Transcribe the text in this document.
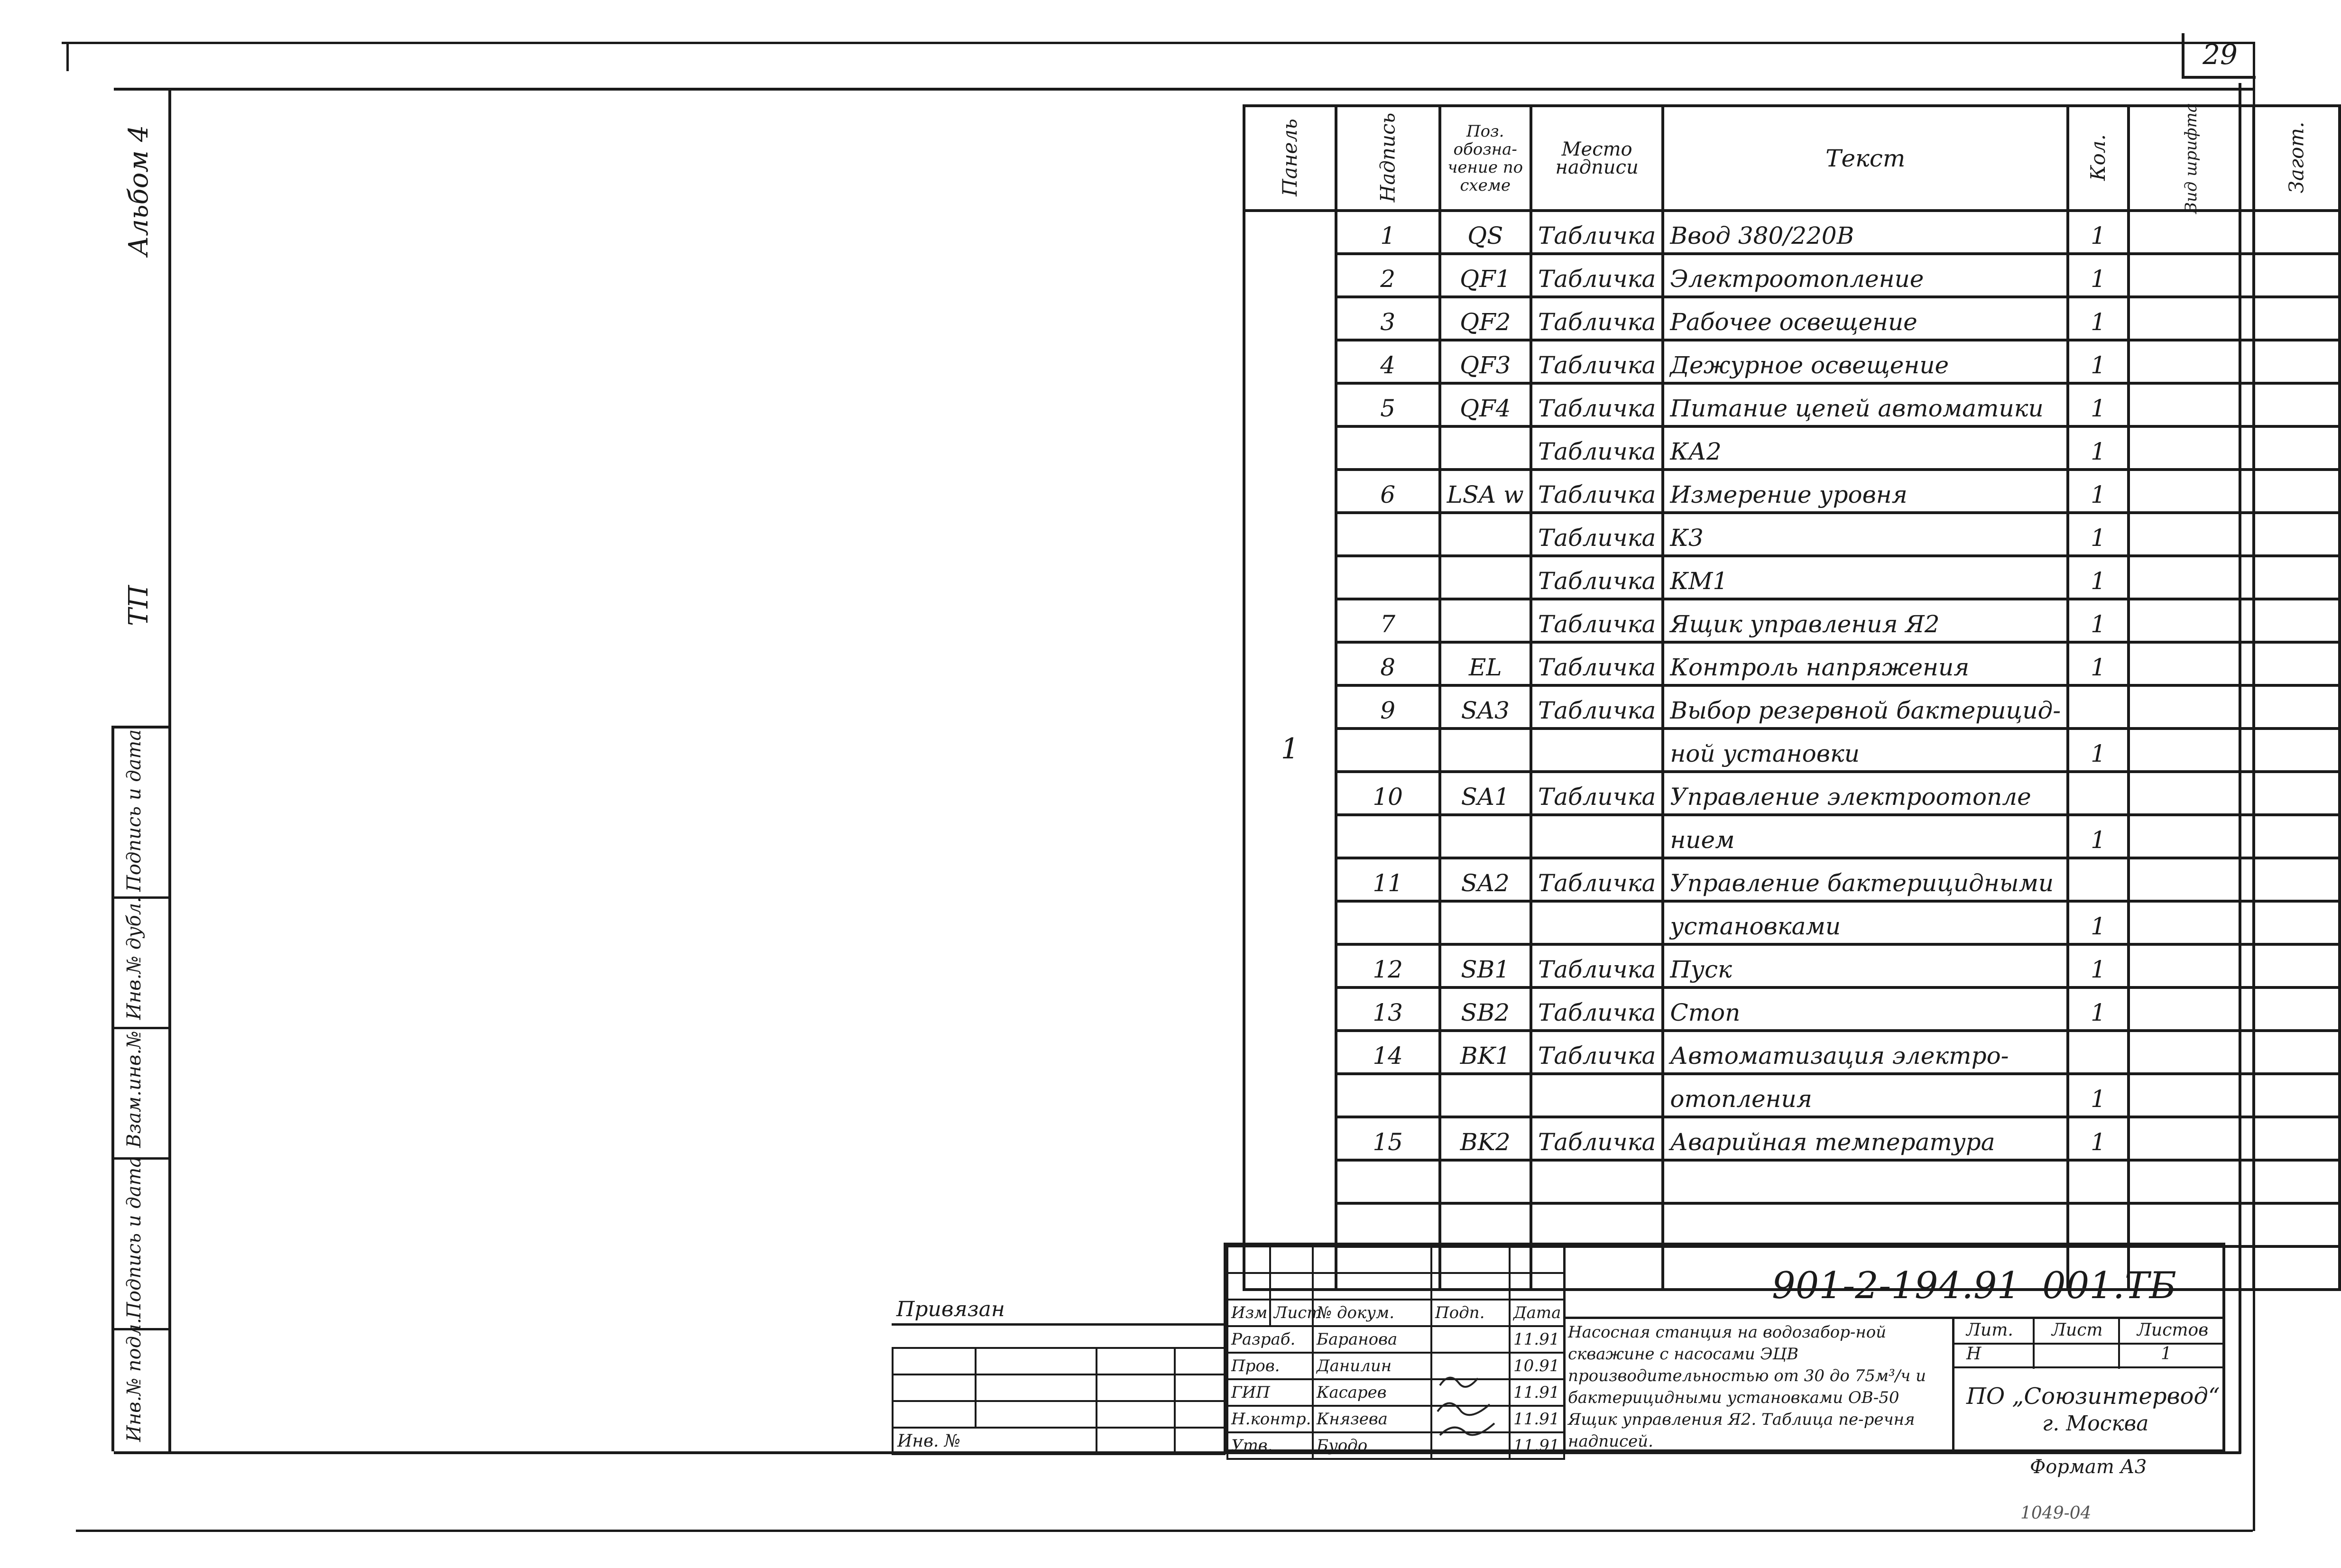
29
Инв.№ подл.
Подпись и дата
Взам.инв.№
Инв.№ дубл.
Подпись и дата
Альбом 4
ТП
Панель	Надпись	Поз. обозна-чение по схеме	Место надписи	Текст	Кол.	Вид шрифта	Загот.
1	1	QS	Табличка	Ввод 380/220В	1		
	2	QF1	Табличка	Электроотопление	1		
	3	QF2	Табличка	Рабочее освещение	1		
	4	QF3	Табличка	Дежурное освещение	1		
	5	QF4	Табличка	Питание цепей автоматики	1		
			Табличка	КА2	1		
	6	LSA w	Табличка	Измерение уровня	1		
			Табличка	К3	1		
			Табличка	КМ1	1		
	7		Табличка	Ящик управления Я2	1		
	8	EL	Табличка	Контроль напряжения	1		
	9	SA3	Табличка	Выбор резервной бактерицид-			
				ной установки	1		
	10	SA1	Табличка	Управление электроотопле			
				нием	1		
	11	SA2	Табличка	Управление бактерицидными			
				установками	1		
	12	SB1	Табличка	Пуск	1		
	13	SB2	Табличка	Стоп	1		
	14	BK1	Табличка	Автоматизация электро-			
				отопления	1		
	15	BK2	Табличка	Аварийная температура	1		

Привязан

Инв. №			

Изм	Лист	№ докум.	Подп.	Дата
Разраб.		Баранова		11.91
Пров.		Данилин		10.91
ГИП		Касарев		11.91
Н.контр.		Князева		11.91
Утв.		Буодо		11.91
901-2-194.91 001.ТБ
Насосная станция на водозабор-ной скважине с насосами ЭЦВ производительностью от 30 до 75м³/ч и бактерицидными установками ОВ-50 Ящик управления Я2. Таблица пе-речня надписей.
Лит. Лист Листов
Н	1
ПО „Союзинтервод“
г. Москва
Формат А3
1049-04
